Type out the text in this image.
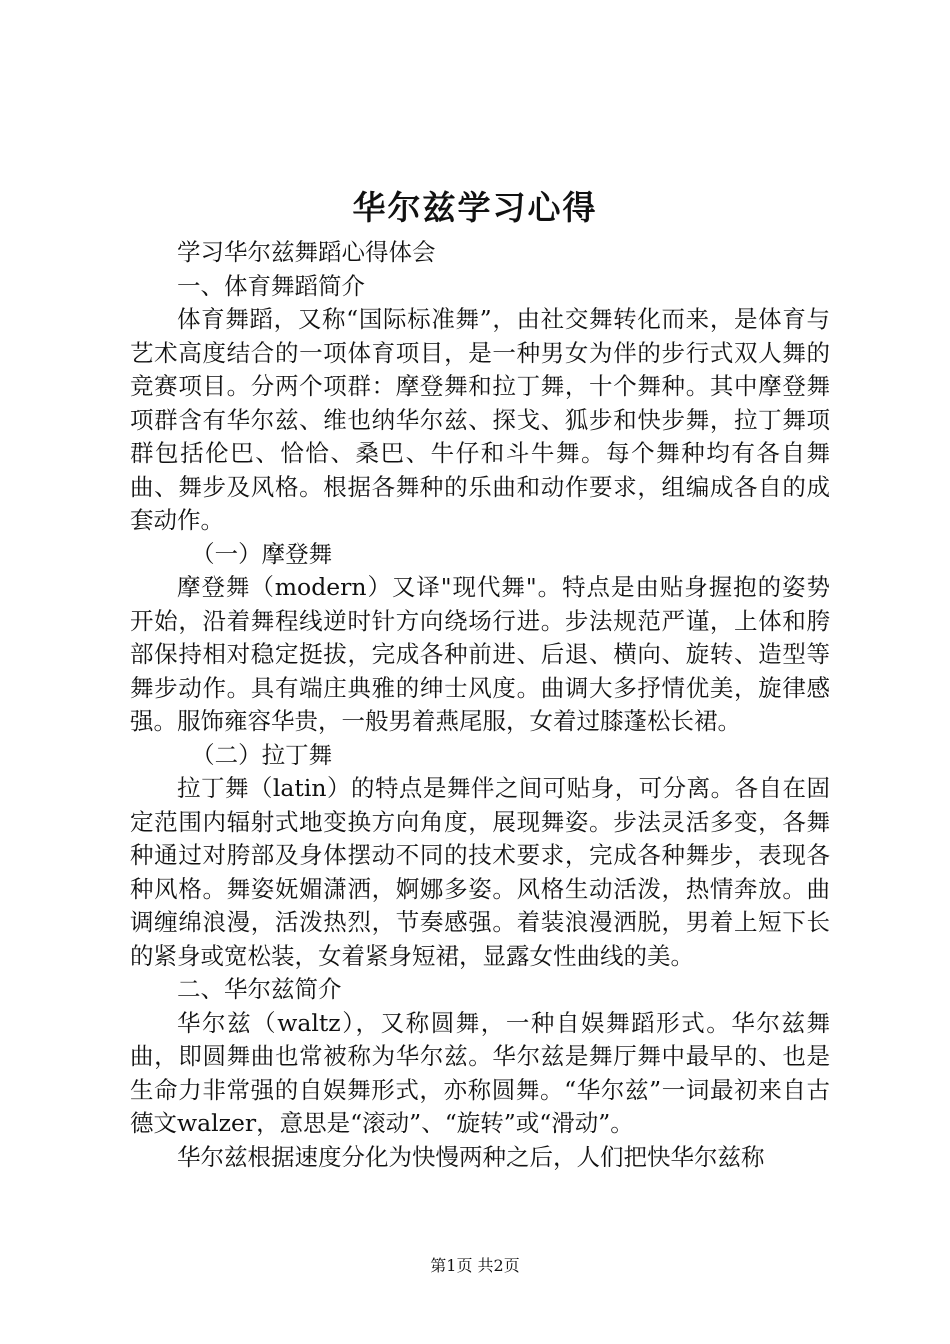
华尔兹学习心得

学习华尔兹舞蹈心得体会

一、体育舞蹈简介

体育舞蹈，又称“国际标准舞”，由社交舞转化而来，是体育与艺术高度结合的一项体育项目，是一种男女为伴的步行式双人舞的竞赛项目。分两个项群：摩登舞和拉丁舞，十个舞种。其中摩登舞项群含有华尔兹、维也纳华尔兹、探戈、狐步和快步舞，拉丁舞项群包括伦巴、恰恰、桑巴、牛仔和斗牛舞。每个舞种均有各自舞曲、舞步及风格。根据各舞种的乐曲和动作要求，组编成各自的成套动作。

（一）摩登舞

摩登舞（modern）又译"现代舞"。特点是由贴身握抱的姿势开始，沿着舞程线逆时针方向绕场行进。步法规范严谨，上体和胯部保持相对稳定挺拔，完成各种前进、后退、横向、旋转、造型等舞步动作。具有端庄典雅的绅士风度。曲调大多抒情优美，旋律感强。服饰雍容华贵，一般男着燕尾服，女着过膝蓬松长裙。

（二）拉丁舞

拉丁舞（latin）的特点是舞伴之间可贴身，可分离。各自在固定范围内辐射式地变换方向角度，展现舞姿。步法灵活多变，各舞种通过对胯部及身体摆动不同的技术要求，完成各种舞步，表现各种风格。舞姿妩媚潇洒，婀娜多姿。风格生动活泼，热情奔放。曲调缠绵浪漫，活泼热烈，节奏感强。着装浪漫洒脱，男着上短下长的紧身或宽松装，女着紧身短裙，显露女性曲线的美。

二、华尔兹简介

华尔兹（waltz），又称圆舞，一种自娱舞蹈形式。华尔兹舞曲，即圆舞曲也常被称为华尔兹。华尔兹是舞厅舞中最早的、也是生命力非常强的自娱舞形式，亦称圆舞。“华尔兹”一词最初来自古德文walzer，意思是“滚动”、“旋转”或“滑动”。

华尔兹根据速度分化为快慢两种之后，人们把快华尔兹称

第1页 共2页
